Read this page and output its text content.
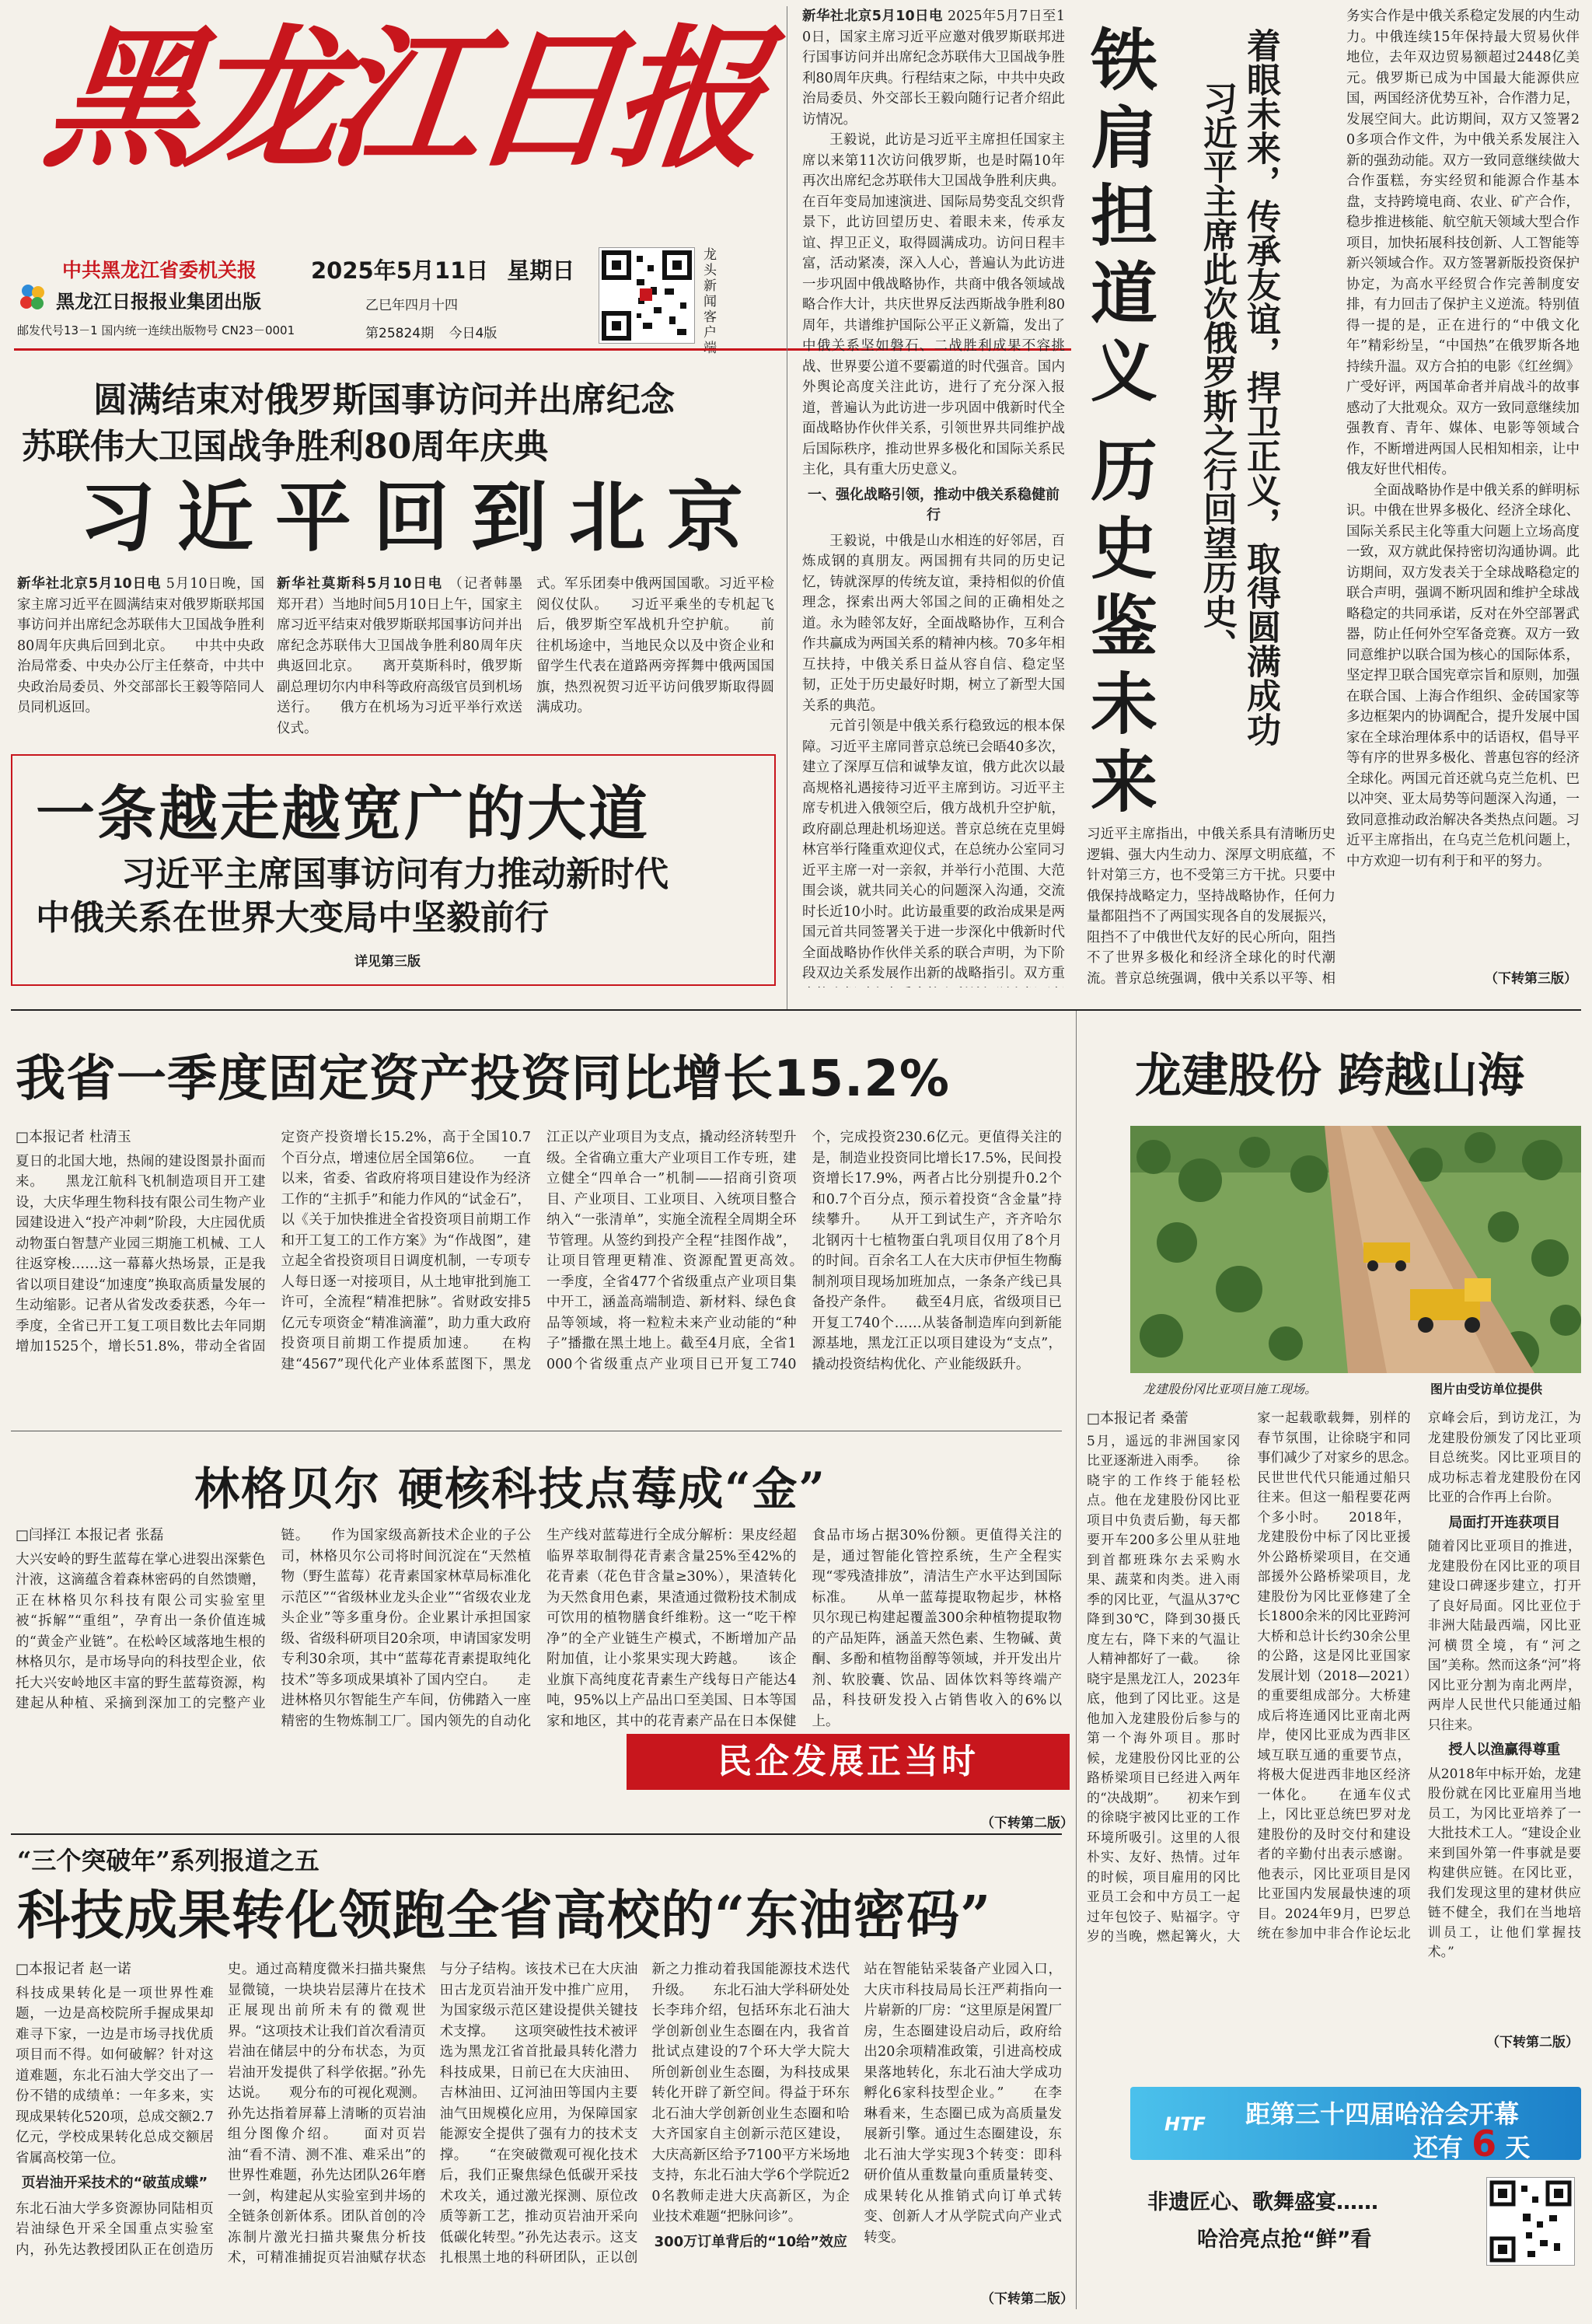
黑龙江日报
中共黑龙江省委机关报
黑龙江日报报业集团出版
邮发代号13－1 国内统一连续出版物号 CN23－0001
2025年5月11日 星期日
乙巳年四月十四
第25824期 今日4版
龙头新闻客户
圆满结束对俄罗斯国事访问并出席纪念
苏联伟大卫国战争胜利80周年庆典
习近平回到北京
新华社北京5月10日电 5月10日晚，国家主席习近平在圆满结束对俄罗斯联邦国事访问并出席纪念苏联伟大卫国战争胜利80周年庆典后回到北京。　　中共中央政治局常委、中央办公厅主任蔡奇，中共中央政治局委员、外交部部长王毅等陪同人员同机返回。
新华社莫斯科5月10日电 （记者韩墨　郑开君）当地时间5月10日上午，国家主席习近平结束对俄罗斯联邦国事访问并出席纪念苏联伟大卫国战争胜利80周年庆典返回北京。　　离开莫斯科时，俄罗斯副总理切尔内申科等政府高级官员到机场送行。　　俄方在机场为习近平举行欢送仪式。
式。军乐团奏中俄两国国歌。习近平检阅仪仗队。　　习近平乘坐的专机起飞后，俄罗斯空军战机升空护航。　　前往机场途中，当地民众以及中资企业和留学生代表在道路两旁挥舞中俄两国国旗，热烈祝贺习近平访问俄罗斯取得圆满成功。
一条越走越宽广的大道
习近平主席国事访问有力推动新时代
中俄关系在世界大变局中坚毅前行
详见第三版
新华社北京5月10日电 2025年5月7日至10日，国家主席习近平应邀对俄罗斯联邦进行国事访问并出席纪念苏联伟大卫国战争胜利80周年庆典。行程结束之际，中共中央政治局委员、外交部长王毅向随行记者介绍此访情况。

王毅说，此访是习近平主席担任国家主席以来第11次访问俄罗斯，也是时隔10年再次出席纪念苏联伟大卫国战争胜利庆典。在百年变局加速演进、国际局势变乱交织背景下，此访回望历史、着眼未来，传承友谊、捍卫正义，取得圆满成功。访问日程丰富，活动紧凑，深入人心，普遍认为此访进一步巩固中俄战略协作，共商中俄各领域战略合作大计，共庆世界反法西斯战争胜利80周年，共谱维护国际公平正义新篇，发出了中俄关系坚如磐石、二战胜利成果不容挑战、世界要公道不要霸道的时代强音。国内外舆论高度关注此访，进行了充分深入报道，普遍认为此访进一步巩固中俄新时代全面战略协作伙伴关系，引领世界共同维护战后国际秩序，推动世界多极化和国际关系民主化，具有重大历史意义。

一、强化战略引领，推动中俄关系稳健前行

王毅说，中俄是山水相连的好邻居，百炼成钢的真朋友。两国拥有共同的历史记忆，铸就深厚的传统友谊，秉持相似的价值理念，探索出两大邻国之间的正确相处之道。永为睦邻友好，全面战略协作，互利合作共赢成为两国关系的精神内核。70多年相互扶持，中俄关系日益从容自信、稳定坚韧，正处于历史最好时期，树立了新型大国关系的典范。

元首引领是中俄关系行稳致远的根本保障。习近平主席同普京总统已会晤40多次，建立了深厚互信和诚挚友谊，俄方此次以最高规格礼遇接待习近平主席到访。习近平主席专机进入俄领空后，俄方战机升空护航，政府副总理赴机场迎送。普京总统在克里姆林宫举行隆重欢迎仪式，在总统办公室同习近平主席一对一亲叙，并举行小范围、大范围会谈，就共同关心的问题深入沟通，交流时长近10小时。此访最重要的政治成果是两国元首共同签署关于进一步深化中俄新时代全面战略协作伙伴关系的联合声明，为下阶段双边关系发展作出新的战略指引。双方重

铁肩担道义
历史鉴未来 着眼未来，传承友谊，捍卫正义，取得圆满成功
习近平主席此次俄罗斯之行回望历史、
习近平主席指出，中俄关系具有清晰历史逻辑、强大内生动力、深厚文明底蕴，不针对第三方，也不受第三方干扰。只要中俄保持战略定力，坚持战略协作，任何力量都阻挡不了两国实现各自的发展振兴，阻挡不了中俄世代友好的民心所向，阻挡不了世界多极化和经济全球化的时代潮流。普京总统强调，俄中关系以平等、相

务实合作是中俄关系稳定发展的内生动力。中俄连续15年保持最大贸易伙伴地位，去年双边贸易额超过2448亿美元。俄罗斯已成为中国最大能源供应国，两国经济优势互补，合作潜力足，发展空间大。此访期间，双方又签署20多项合作文件，为中俄关系发展注入新的强劲动能。双方一致同意继续做大合作蛋糕，夯实经贸和能源合作基本盘，支持跨境电商、农业、矿产合作，稳步推进核能、航空航天领域大型合作项目，加快拓展科技创新、人工智能等新兴领域合作。双方签署新版投资保护协定，为高水平经贸合作完善制度安排，有力回击了保护主义逆流。特别值得一提的是，正在进行的“中俄文化年”精彩纷呈，“中国热”在俄罗斯各地持续升温。双方合拍的电影《红丝绸》广受好评，两国革命者并肩战斗的故事感动了大批观众。双方一致同意继续加强教育、青年、媒体、电影等领域合作，不断增进两国人民相知相亲，让中俄友好世代相传。

全面战略协作是中俄关系的鲜明标识。中俄在世界多极化、经济全球化、国际关系民主化等重大问题上立场高度一致，双方就此保持密切沟通协调。此访期间，双方发表关于全球战略稳定的联合声明，强调不断巩固和维护全球战略稳定的共同承诺，反对在外空部署武器，防止任何外空军备竞赛。双方一致同意维护以联合国为核心的国际体系，坚定捍卫联合国宪章宗旨和原则，加强在联合国、上海合作组织、金砖国家等多边框架内的协调配合，提升发展中国家在全球治理体系中的话语权，倡导平等有序的世界多极化、普惠包容的经济全球化。两国元首还就乌克兰危机、巴以冲突、亚太局势等问题深入沟通，一致同意推动政治解决各类热点问题。习近平主席指出，在乌克兰危机问题上，中方欢迎一切有利于和平的努力。

（下转第三版）
我省一季度固定资产投资同比增长15.2%
□本报记者 杜清玉
夏日的北国大地，热闹的建设图景扑面而来。　　黑龙江航科飞机制造项目开工建设，大庆华理生物科技有限公司生物产业园建设进入“投产冲刺”阶段，大庄园优质动物蛋白智慧产业园三期施工机械、工人往返穿梭……这一幕幕火热场景，正是我省以项目建设“加速度”换取高质量发展的生动缩影。记者从省发改委获悉，今年一季度，全省已开工复工项目数比去年同期增加1525个，增长51.8%，带动全省固定资产投资增长15.2%，高于全国10.7个百分点，增速位居全国第6位。　　一直以来，省委、省政府将项目建设作为经济工作的“主抓手”和能力作风的“试金石”，以《关于加快推进全省投资项目前期工作和开工复工的工作方案》为“作战图”，建立起全省投资项目日调度机制，一专项专人每日逐一对接项目，从土地审批到施工许可，全流程“精准把脉”。省财政安排5亿元专项资金“精准滴灌”，助力重大政府投资项目前期工作提质加速。　　在构建“4567”现代化产业体系蓝图下，黑龙江正以产业项目为支点，撬动经济转型升级。全省确立重大产业项目工作专班，建立健全“四单合一”机制——招商引资项目、产业项目、工业项目、入统项目整合纳入“一张清单”，实施全流程全周期全环节管理。从签约到投产全程“挂图作战”，让项目管理更精准、资源配置更高效。　　一季度，全省477个省级重点产业项目集中开工，涵盖高端制造、新材料、绿色食品等领域，将一粒粒未来产业动能的“种子”播撒在黑土地上。截至4月底，全省1000个省级重点产业项目已开复工740个，完成投资230.6亿元。更值得关注的是，制造业投资同比增长17.5%，民间投资增长17.9%，两者占比分别提升0.2个和0.7个百分点，预示着投资“含金量”持续攀升。　　从开工到试生产，齐齐哈尔北钢丙十七植物蛋白乳项目仅用了8个月的时间。百余名工人在大庆市伊恒生物酶制剂项目现场加班加点，一条条产线已具备投产条件。　　截至4月底，省级项目已开复工740个……从装备制造库向到新能源基地，黑龙江正以项目建设为“支点”，撬动投资结构优化、产业能级跃升。
林格贝尔 硬核科技点莓成“金”
□闫择江 本报记者 张磊
大兴安岭的野生蓝莓在掌心进裂出深紫色汁液，这滴蕴含着森林密码的自然馈赠，正在林格贝尔科技有限公司实验室里被“拆解”“重组”，孕育出一条价值连城的“黄金产业链”。在松岭区域落地生根的林格贝尔，是市场导向的科技型企业，依托大兴安岭地区丰富的野生蓝莓资源，构建起从种植、采摘到深加工的完整产业链。　　作为国家级高新技术企业的子公司，林格贝尔公司将时间沉淀在“天然植物（野生蓝莓）花青素国家林草局标准化示范区”“省级林业龙头企业”“省级农业龙头企业”等多重身份。企业累计承担国家级、省级科研项目20余项，申请国家发明专利30余项，其中“蓝莓花青素提取纯化技术”等多项成果填补了国内空白。　　走进林格贝尔智能生产车间，仿佛踏入一座精密的生物炼制工厂。国内领先的自动化生产线对蓝莓进行全成分解析：果皮经超临界萃取制得花青素含量25%至42%的花青素（花色苷含量≥30%），果渣转化为天然食用色素，果渣通过微粉技术制成可饮用的植物膳食纤维粉。这一“吃干榨净”的全产业链生产模式，不断增加产品附加值，让小浆果实现大跨越。　　该企业旗下高纯度花青素生产线每日产能达4吨，95%以上产品出口至美国、日本等国家和地区，其中的花青素产品在日本保健食品市场占据30%份额。更值得关注的是，通过智能化管控系统，生产全程实现“零残渣排放”，清洁生产水平达到国际标准。　　从单一蓝莓提取物起步，林格贝尔现已构建起覆盖300余种植物提取物的产品矩阵，涵盖天然色素、生物碱、黄酮、多酚和植物甾醇等领域，并开发出片剂、软胶囊、饮品、固体饮料等终端产品，科技研发投入占销售收入的6%以上。
（下转第二版）
民企发展正当时
“三个突破年”系列报道之五
科技成果转化领跑全省高校的“东油密码”
□本报记者 赵一诺
科技成果转化是一项世界性难题，一边是高校院所手握成果却难寻下家，一边是市场寻找优质项目而不得。如何破解？针对这道难题，东北石油大学交出了一份不错的成绩单：一年多来，实现成果转化520项，总成交额2.7亿元，学校成果转化总成交额居省属高校第一位。
页岩油开采技术的“破茧成蝶”
东北石油大学多资源协同陆相页岩油绿色开采全国重点实验室内，孙先达教授团队正在创造历史。通过高精度微米扫描共聚焦显微镜，一块块岩层薄片在技术正展现出前所未有的微观世界。“这项技术让我们首次看清页岩油在储层中的分布状态，为页岩油开发提供了科学依据。”孙先达说。　　观分布的可视化观测。孙先达指着屏幕上清晰的页岩油组分图像介绍。　　面对页岩油“看不清、测不准、难采出”的世界性难题，孙先达团队26年磨一剑，构建起从实验室到井场的全链条创新体系。团队首创的冷冻制片激光扫描共聚焦分析技术，可精准捕捉页岩油赋存状态与分子结构。该技术已在大庆油田古龙页岩油开发中推广应用，为国家级示范区建设提供关键技术支撑。　　这项突破性技术被评选为黑龙江省首批最具转化潜力科技成果，日前已在大庆油田、吉林油田、辽河油田等国内主要油气田规模化应用，为保障国家能源安全提供了强有力的技术支撑。　　“在突破微观可视化技术后，我们正聚焦绿色低碳开采技术攻关，通过激光探测、原位改质等新工艺，推动页岩油开采向低碳化转型。”孙先达表示。这支扎根黑土地的科研团队，正以创新之力推动着我国能源技术迭代升级。　　东北石油大学科研处处长李玮介绍，包括环东北石油大学创新创业生态圈在内，我省首批试点建设的7个环大学大院大所创新创业生态圈，为科技成果转化开辟了新空间。得益于环东北石油大学创新创业生态圈和哈大齐国家自主创新示范区建设，大庆高新区给予7100平方米场地支持，东北石油大学6个学院近20名教师走进大庆高新区，为企业技术难题“把脉问诊”。
300万订单背后的“10给”效应
站在智能钻采装备产业园入口，大庆市科技局局长汪严莉指向一片崭新的厂房：“这里原是闲置厂房，生态圈建设启动后，政府给出20余项精准政策，引进高校成果落地转化，东北石油大学成功孵化6家科技型企业。”　　在李琳看来，生态圈已成为高质量发展新引擎。通过生态圈建设，东北石油大学实现3个转变：即科研价值从重数量向重质量转变、成果转化从推销式向订单式转变、创新人才从学院式向产业式转变。
（下转第二版）
龙建股份 跨越山海
龙建股份冈比亚项目施工现场。	图片由受访单位提供
□本报记者 桑蕾
5月，遥远的非洲国家冈比亚逐渐进入雨季。　　徐晓宇的工作终于能轻松点。他在龙建股份冈比亚项目中负责后勤，每天都要开车200多公里从驻地到首都班珠尔去采购水果、蔬菜和肉类。进入雨季的冈比亚，气温从37℃降到30℃，降到30摄氏度左右，降下来的气温让人精神都好了一截。　　徐晓宇是黑龙江人，2023年底，他到了冈比亚。这是他加入龙建股份后参与的第一个海外项目。那时候，龙建股份冈比亚的公路桥梁项目已经进入两年的“决战期”。　　初来乍到的徐晓宇被冈比亚的工作环境所吸引。这里的人很朴实、友好、热情。过年的时候，项目雇用的冈比亚员工会和中方员工一起过年包饺子、贴福字。守岁的当晚，燃起篝火，大家一起载歌载舞，别样的春节氛围，让徐晓宇和同事们减少了对家乡的思念。　　民世世代代只能通过船只往来。但这一船程要花两个多小时。　　2018年，龙建股份中标了冈比亚援外公路桥梁项目，在交通部援外公路桥梁项目，龙建股份为冈比亚修建了全长1800余米的冈比亚跨河大桥和总计长约30余公里的公路，这是冈比亚国家发展计划（2018—2021）的重要组成部分。大桥建成后将连通冈比亚南北两岸，使冈比亚成为西非区域互联互通的重要节点，将极大促进西非地区经济一体化。　　在通车仪式上，冈比亚总统巴罗对龙建股份的及时交付和建设者的辛勤付出表示感谢。他表示，冈比亚项目是冈比亚国内发展最快速的项目。2024年9月，巴罗总统在参加中非合作论坛北京峰会后，到访龙江，为龙建股份颁发了冈比亚项目总统奖。冈比亚项目的成功标志着龙建股份在冈比亚的合作再上台阶。
局面打开连获项目
随着冈比亚项目的推进，龙建股份在冈比亚的项目建设口碑逐步建立，打开了良好局面。冈比亚位于非洲大陆最西端，冈比亚河横贯全境，有“河之国”美称。然而这条“河”将冈比亚分割为南北两岸，两岸人民世代只能通过船只往来。
授人以渔赢得尊重
从2018年中标开始，龙建股份就在冈比亚雇用当地员工，为冈比亚培养了一大批技术工人。“建设企业来到国外第一件事就是要构建供应链。在冈比亚，我们发现这里的建材供应链不健全，我们在当地培训员工，让他们掌握技术。”
（下转第二版）
HTF 距第三十四届哈洽会开幕
还有 6 天
非遗匠心、歌舞盛宴……
哈洽亮点抢“鲜”看
